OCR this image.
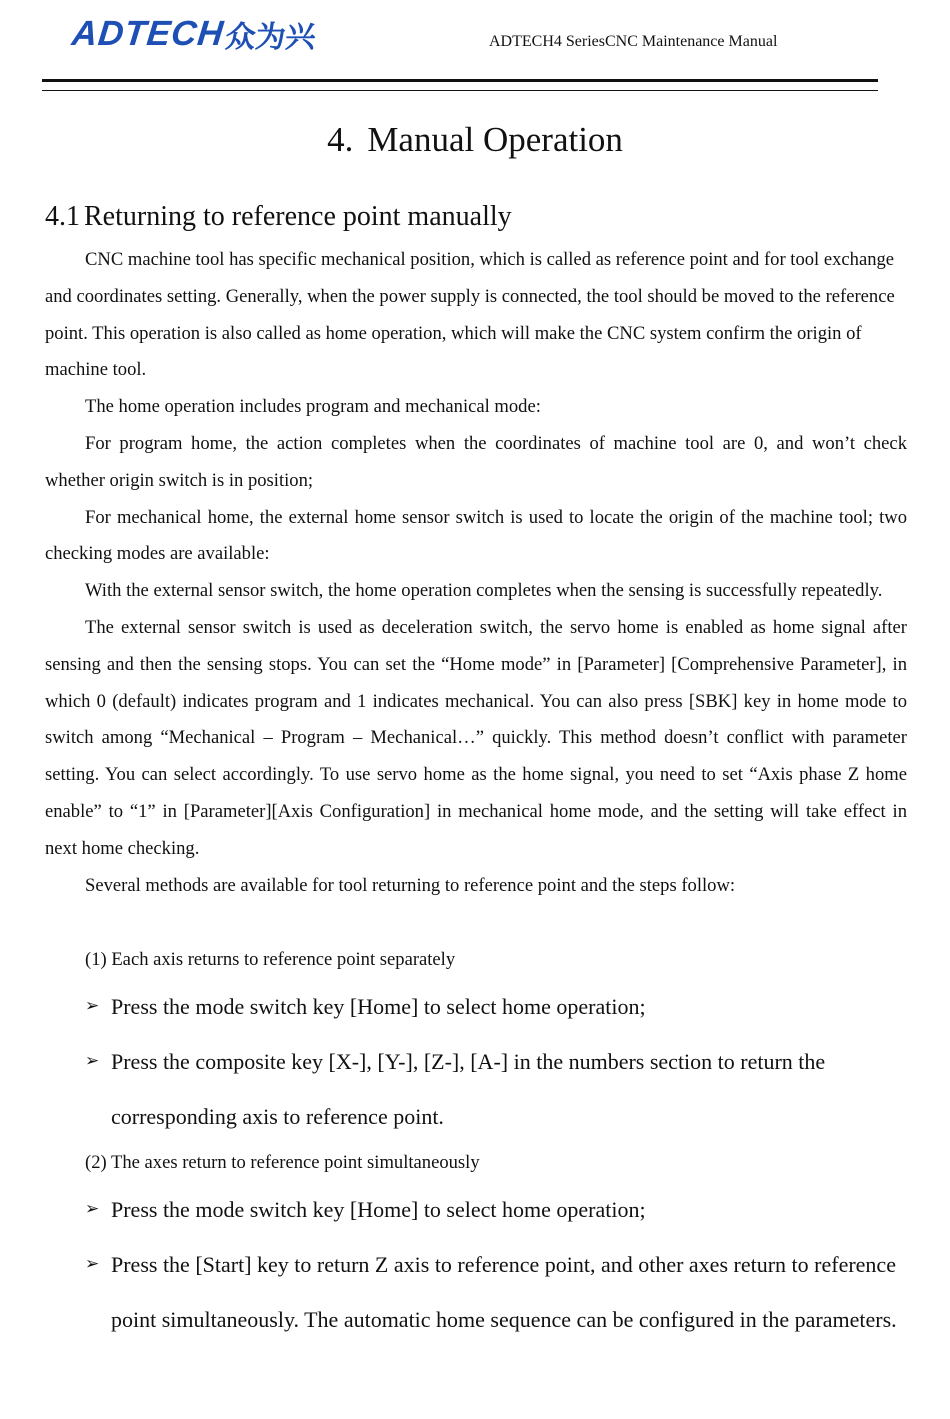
ADTECH
众为兴	ADTECH4 SeriesCNC Maintenance Manual
4. Manual Operation
4.1 Returning to reference point manually

CNC machine tool has specific mechanical position, which is called as reference point and for tool exchange and coordinates setting. Generally, when the power supply is connected, the tool should be moved to the reference point. This operation is also called as home operation, which will make the CNC system confirm the origin of machine tool.

The home operation includes program and mechanical mode:

For program home, the action completes when the coordinates of machine tool are 0, and won’t check whether origin switch is in position;

For mechanical home, the external home sensor switch is used to locate the origin of the machine tool; two checking modes are available:

With the external sensor switch, the home operation completes when the sensing is successfully repeatedly.

The external sensor switch is used as deceleration switch, the servo home is enabled as home signal after sensing and then the sensing stops. You can set the “Home mode” in [Parameter] [Comprehensive Parameter], in which 0 (default) indicates program and 1 indicates mechanical. You can also press [SBK] key in home mode to switch among “Mechanical – Program – Mechanical…” quickly. This method doesn’t conflict with parameter setting. You can select accordingly. To use servo home as the home signal, you need to set “Axis phase Z home enable” to “1” in [Parameter][Axis Configuration] in mechanical home mode, and the setting will take effect in next home checking.

Several methods are available for tool returning to reference point and the steps follow:

(1) Each axis returns to reference point separately
➢ Press the mode switch key [Home] to select home operation;
➢ Press the composite key [X-], [Y-], [Z-], [A-] in the numbers section to return the corresponding axis to reference point.
(2) The axes return to reference point simultaneously
➢ Press the mode switch key [Home] to select home operation;
➢ Press the [Start] key to return Z axis to reference point, and other axes return to reference point simultaneously. The automatic home sequence can be configured in the parameters.
